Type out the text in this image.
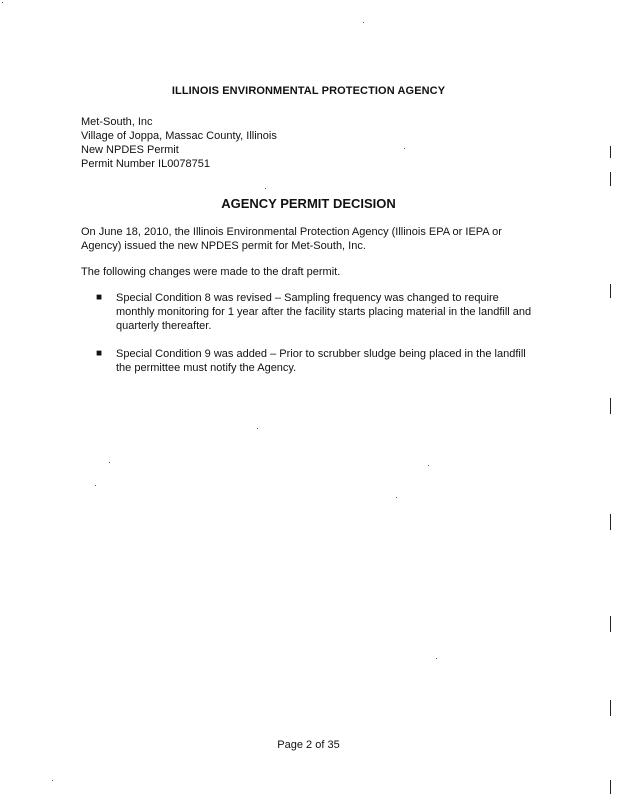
ILLINOIS ENVIRONMENTAL PROTECTION AGENCY
Met-South, Inc
Village of Joppa, Massac County, Illinois
New NPDES Permit
Permit Number IL0078751
AGENCY PERMIT DECISION
On June 18, 2010, the Illinois Environmental Protection Agency (Illinois EPA or IEPA or Agency) issued the new NPDES permit for Met-South, Inc.
The following changes were made to the draft permit.
■ Special Condition 8 was revised – Sampling frequency was changed to require monthly monitoring for 1 year after the facility starts placing material in the landfill and quarterly thereafter.
■ Special Condition 9 was added – Prior to scrubber sludge being placed in the landfill the permittee must notify the Agency.
Page 2 of 35
